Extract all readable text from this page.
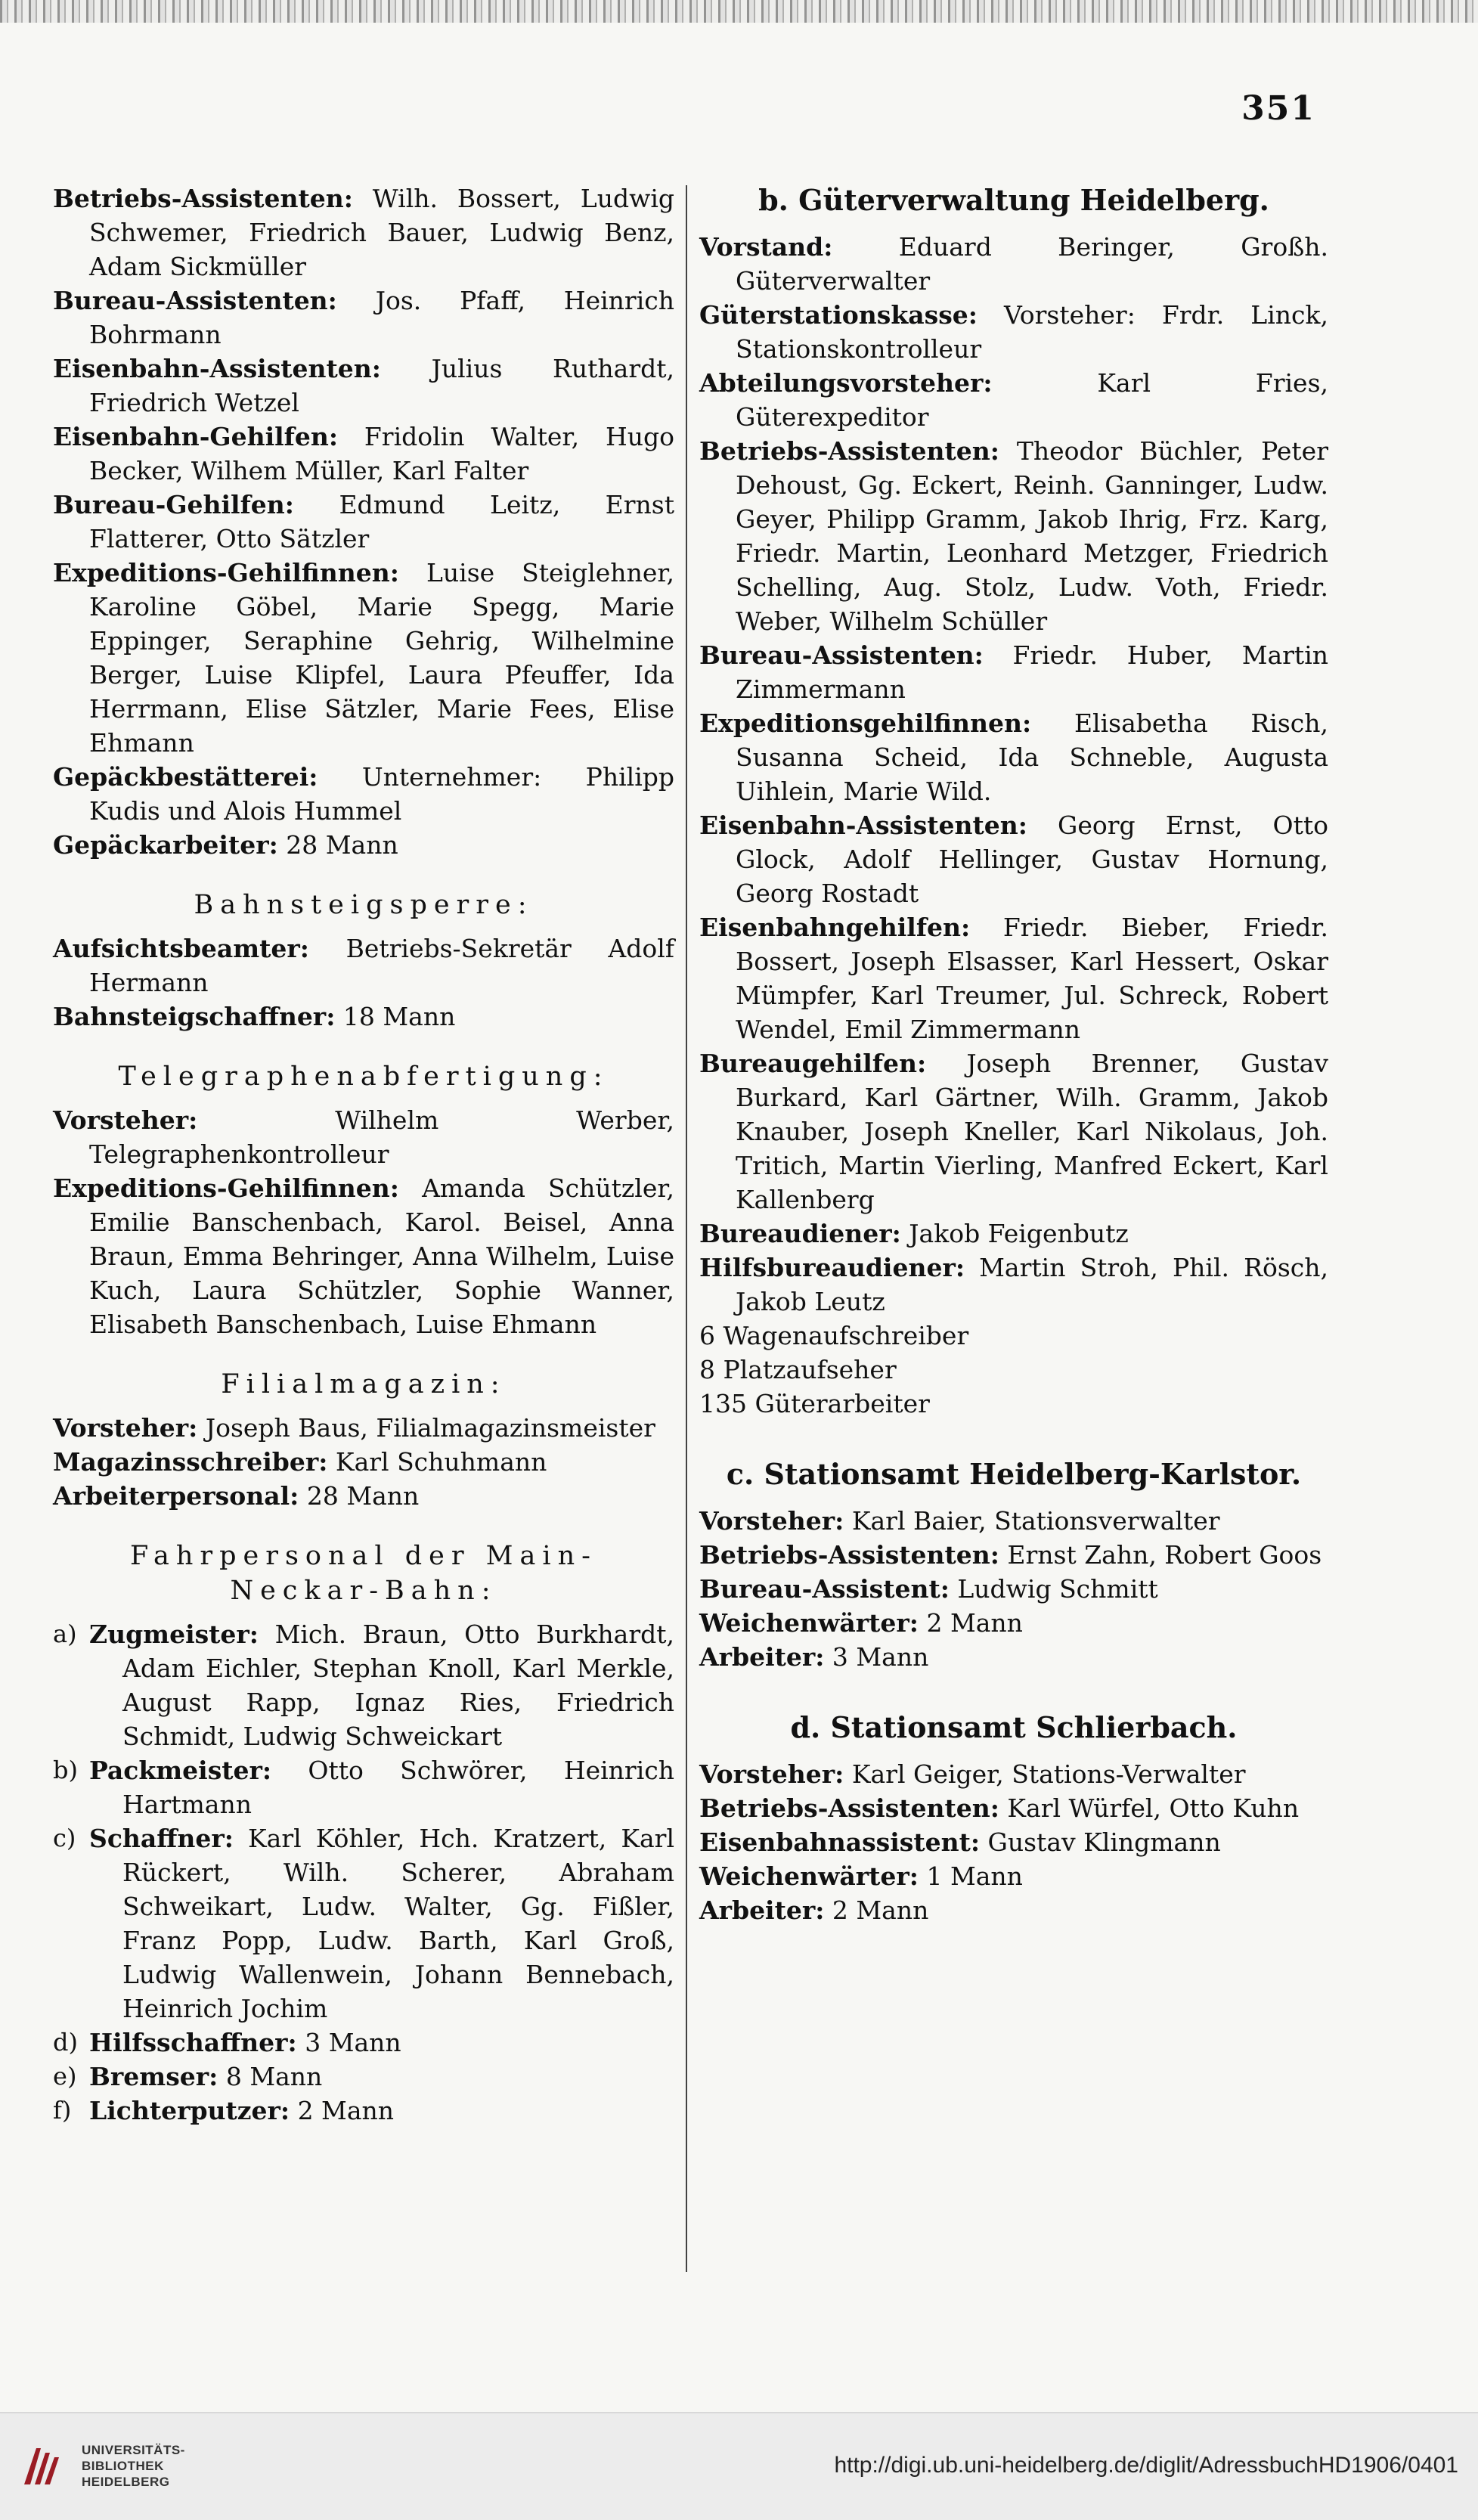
351
Betriebs-Assistenten: Wilh. Bossert, Ludwig Schwemer, Friedrich Bauer, Ludwig Benz, Adam Sickmüller
Bureau-Assistenten: Jos. Pfaff, Heinrich Bohrmann
Eisenbahn-Assistenten: Julius Ruthardt, Friedrich Wetzel
Eisenbahn-Gehilfen: Fridolin Walter, Hugo Becker, Wilhem Müller, Karl Falter
Bureau-Gehilfen: Edmund Leitz, Ernst Flatterer, Otto Sätzler
Expeditions-Gehilfinnen: Luise Steiglehner, Karoline Göbel, Marie Spegg, Marie Eppinger, Seraphine Gehrig, Wilhelmine Berger, Luise Klipfel, Laura Pfeuffer, Ida Herrmann, Elise Sätzler, Marie Fees, Elise Ehmann
Gepäckbestätterei: Unternehmer: Philipp Kudis und Alois Hummel
Gepäckarbeiter: 28 Mann
Bahnsteigsperre:
Aufsichtsbeamter: Betriebs-Sekretär Adolf Hermann
Bahnsteigschaffner: 18 Mann
Telegraphenabfertigung:
Vorsteher: Wilhelm Werber, Telegraphenkontrolleur
Expeditions-Gehilfinnen: Amanda Schützler, Emilie Banschenbach, Karol. Beisel, Anna Braun, Emma Behringer, Anna Wilhelm, Luise Kuch, Laura Schützler, Sophie Wanner, Elisabeth Banschenbach, Luise Ehmann
Filialmagazin:
Vorsteher: Joseph Baus, Filialmagazinsmeister
Magazinsschreiber: Karl Schuhmann
Arbeiterpersonal: 28 Mann
Fahrpersonal der Main-Neckar-Bahn:
a) Zugmeister: Mich. Braun, Otto Burkhardt, Adam Eichler, Stephan Knoll, Karl Merkle, August Rapp, Ignaz Ries, Friedrich Schmidt, Ludwig Schweickart
b) Packmeister: Otto Schwörer, Heinrich Hartmann
c) Schaffner: Karl Köhler, Hch. Kratzert, Karl Rückert, Wilh. Scherer, Abraham Schweikart, Ludw. Walter, Gg. Fißler, Franz Popp, Ludw. Barth, Karl Groß, Ludwig Wallenwein, Johann Bennebach, Heinrich Jochim
d) Hilfsschaffner: 3 Mann
e) Bremser: 8 Mann
f) Lichterputzer: 2 Mann
b. Güterverwaltung Heidelberg.
Vorstand: Eduard Beringer, Großh. Güterverwalter
Güterstationskasse: Vorsteher: Frdr. Linck, Stationskontrolleur
Abteilungsvorsteher: Karl Fries, Güterexpeditor
Betriebs-Assistenten: Theodor Büchler, Peter Dehoust, Gg. Eckert, Reinh. Ganninger, Ludw. Geyer, Philipp Gramm, Jakob Ihrig, Frz. Karg, Friedr. Martin, Leonhard Metzger, Friedrich Schelling, Aug. Stolz, Ludw. Voth, Friedr. Weber, Wilhelm Schüller
Bureau-Assistenten: Friedr. Huber, Martin Zimmermann
Expeditionsgehilfinnen: Elisabetha Risch, Susanna Scheid, Ida Schneble, Augusta Uihlein, Marie Wild.
Eisenbahn-Assistenten: Georg Ernst, Otto Glock, Adolf Hellinger, Gustav Hornung, Georg Rostadt
Eisenbahngehilfen: Friedr. Bieber, Friedr. Bossert, Joseph Elsasser, Karl Hessert, Oskar Mümpfer, Karl Treumer, Jul. Schreck, Robert Wendel, Emil Zimmermann
Bureaugehilfen: Joseph Brenner, Gustav Burkard, Karl Gärtner, Wilh. Gramm, Jakob Knauber, Joseph Kneller, Karl Nikolaus, Joh. Tritich, Martin Vierling, Manfred Eckert, Karl Kallenberg
Bureaudiener: Jakob Feigenbutz
Hilfsbureaudiener: Martin Stroh, Phil. Rösch, Jakob Leutz
6 Wagenaufschreiber
8 Platzaufseher
135 Güterarbeiter
c. Stationsamt Heidelberg-Karlstor.
Vorsteher: Karl Baier, Stationsverwalter
Betriebs-Assistenten: Ernst Zahn, Robert Goos
Bureau-Assistent: Ludwig Schmitt
Weichenwärter: 2 Mann
Arbeiter: 3 Mann
d. Stationsamt Schlierbach.
Vorsteher: Karl Geiger, Stations-Verwalter
Betriebs-Assistenten: Karl Würfel, Otto Kuhn
Eisenbahnassistent: Gustav Klingmann
Weichenwärter: 1 Mann
Arbeiter: 2 Mann
UNIVERSITÄTS-
BIBLIOTHEK
HEIDELBERG
http://digi.ub.uni-heidelberg.de/diglit/AdressbuchHD1906/0401
